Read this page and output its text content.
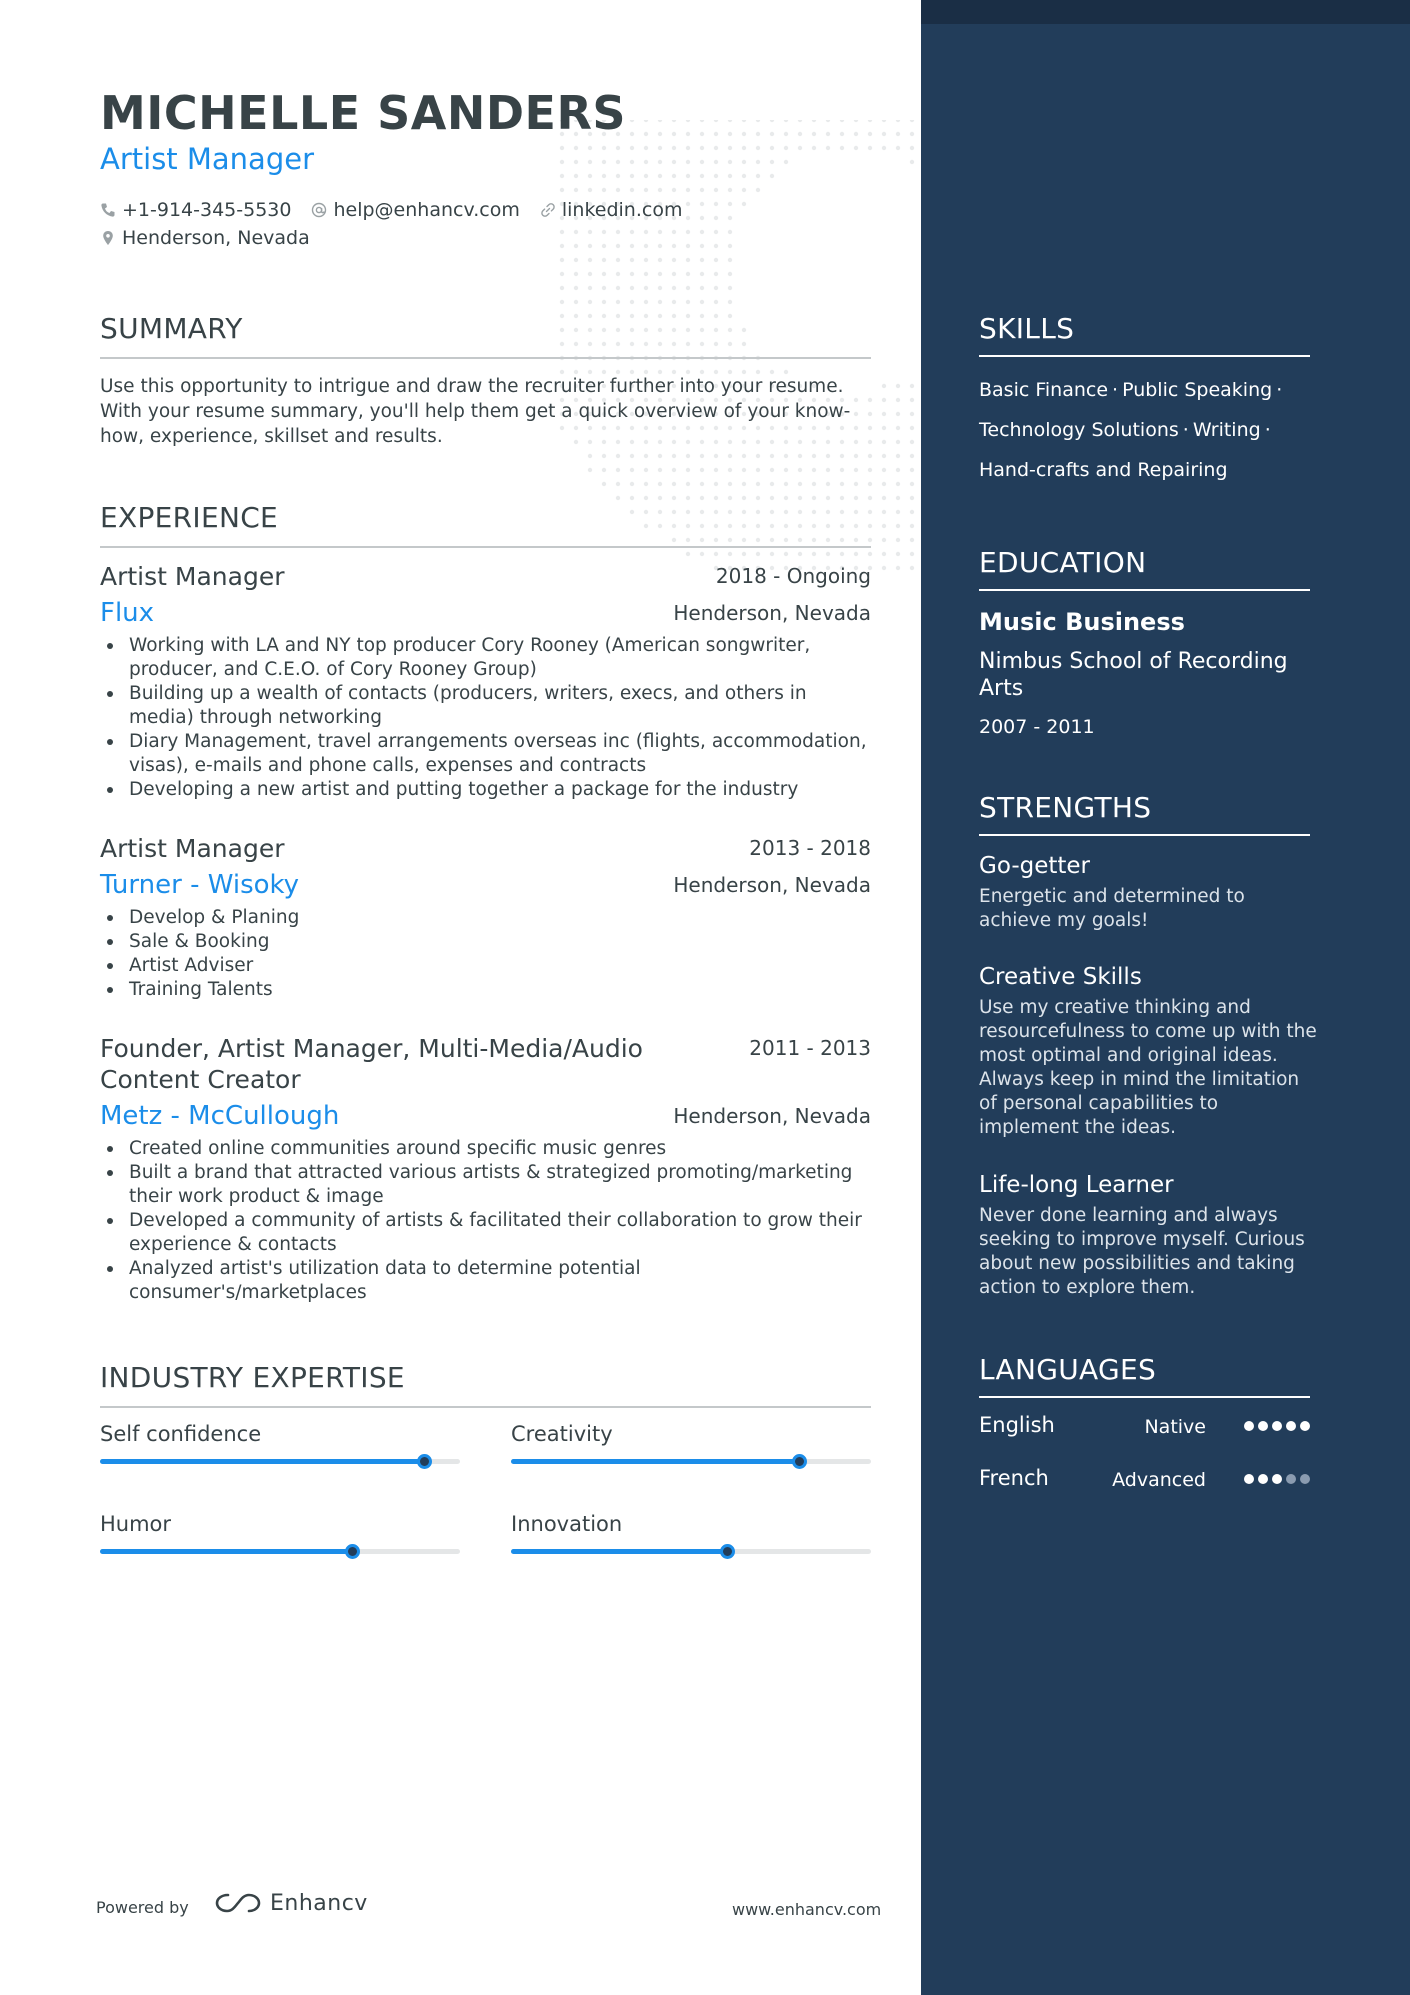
MICHELLE SANDERS
Artist Manager
+1-914-345-5530 help@enhancv.com linkedin.com
Henderson, Nevada
SUMMARY
Use this opportunity to intrigue and draw the recruiter further into your resume. With your resume summary, you'll help them get a quick overview of your know-how, experience, skillset and results.
EXPERIENCE
Artist Manager	2018 - Ongoing
Flux	Henderson, Nevada
Working with LA and NY top producer Cory Rooney (American songwriter, producer, and C.E.O. of Cory Rooney Group)
Building up a wealth of contacts (producers, writers, execs, and others in media) through networking
Diary Management, travel arrangements overseas inc (flights, accommodation, visas), e-mails and phone calls, expenses and contracts
Developing a new artist and putting together a package for the industry
Artist Manager	2013 - 2018
Turner - Wisoky	Henderson, Nevada
Develop & Planing
Sale & Booking
Artist Adviser
Training Talents
Founder, Artist Manager, Multi-Media/Audio Content Creator
2011 - 2013
Metz - McCullough	Henderson, Nevada
Created online communities around specific music genres
Built a brand that attracted various artists & strategized promoting/marketing their work product & image
Developed a community of artists & facilitated their collaboration to grow their experience & contacts
Analyzed artist's utilization data to determine potential consumer's/marketplaces
INDUSTRY EXPERTISE
Self confidence	Creativity
Humor	Innovation
Powered by	Enhancv	www.enhancv.com
SKILLS
Basic Finance · Public Speaking ·
Technology Solutions · Writing ·
Hand-crafts and Repairing
EDUCATION
Music Business
Nimbus School of Recording Arts
2007 - 2011
STRENGTHS
Go-getter
Energetic and determined to achieve my goals!
Creative Skills
Use my creative thinking and resourcefulness to come up with the most optimal and original ideas. Always keep in mind the limitation of personal capabilities to implement the ideas.
Life-long Learner
Never done learning and always seeking to improve myself. Curious about new possibilities and taking action to explore them.
LANGUAGES
English	Native
French	Advanced
